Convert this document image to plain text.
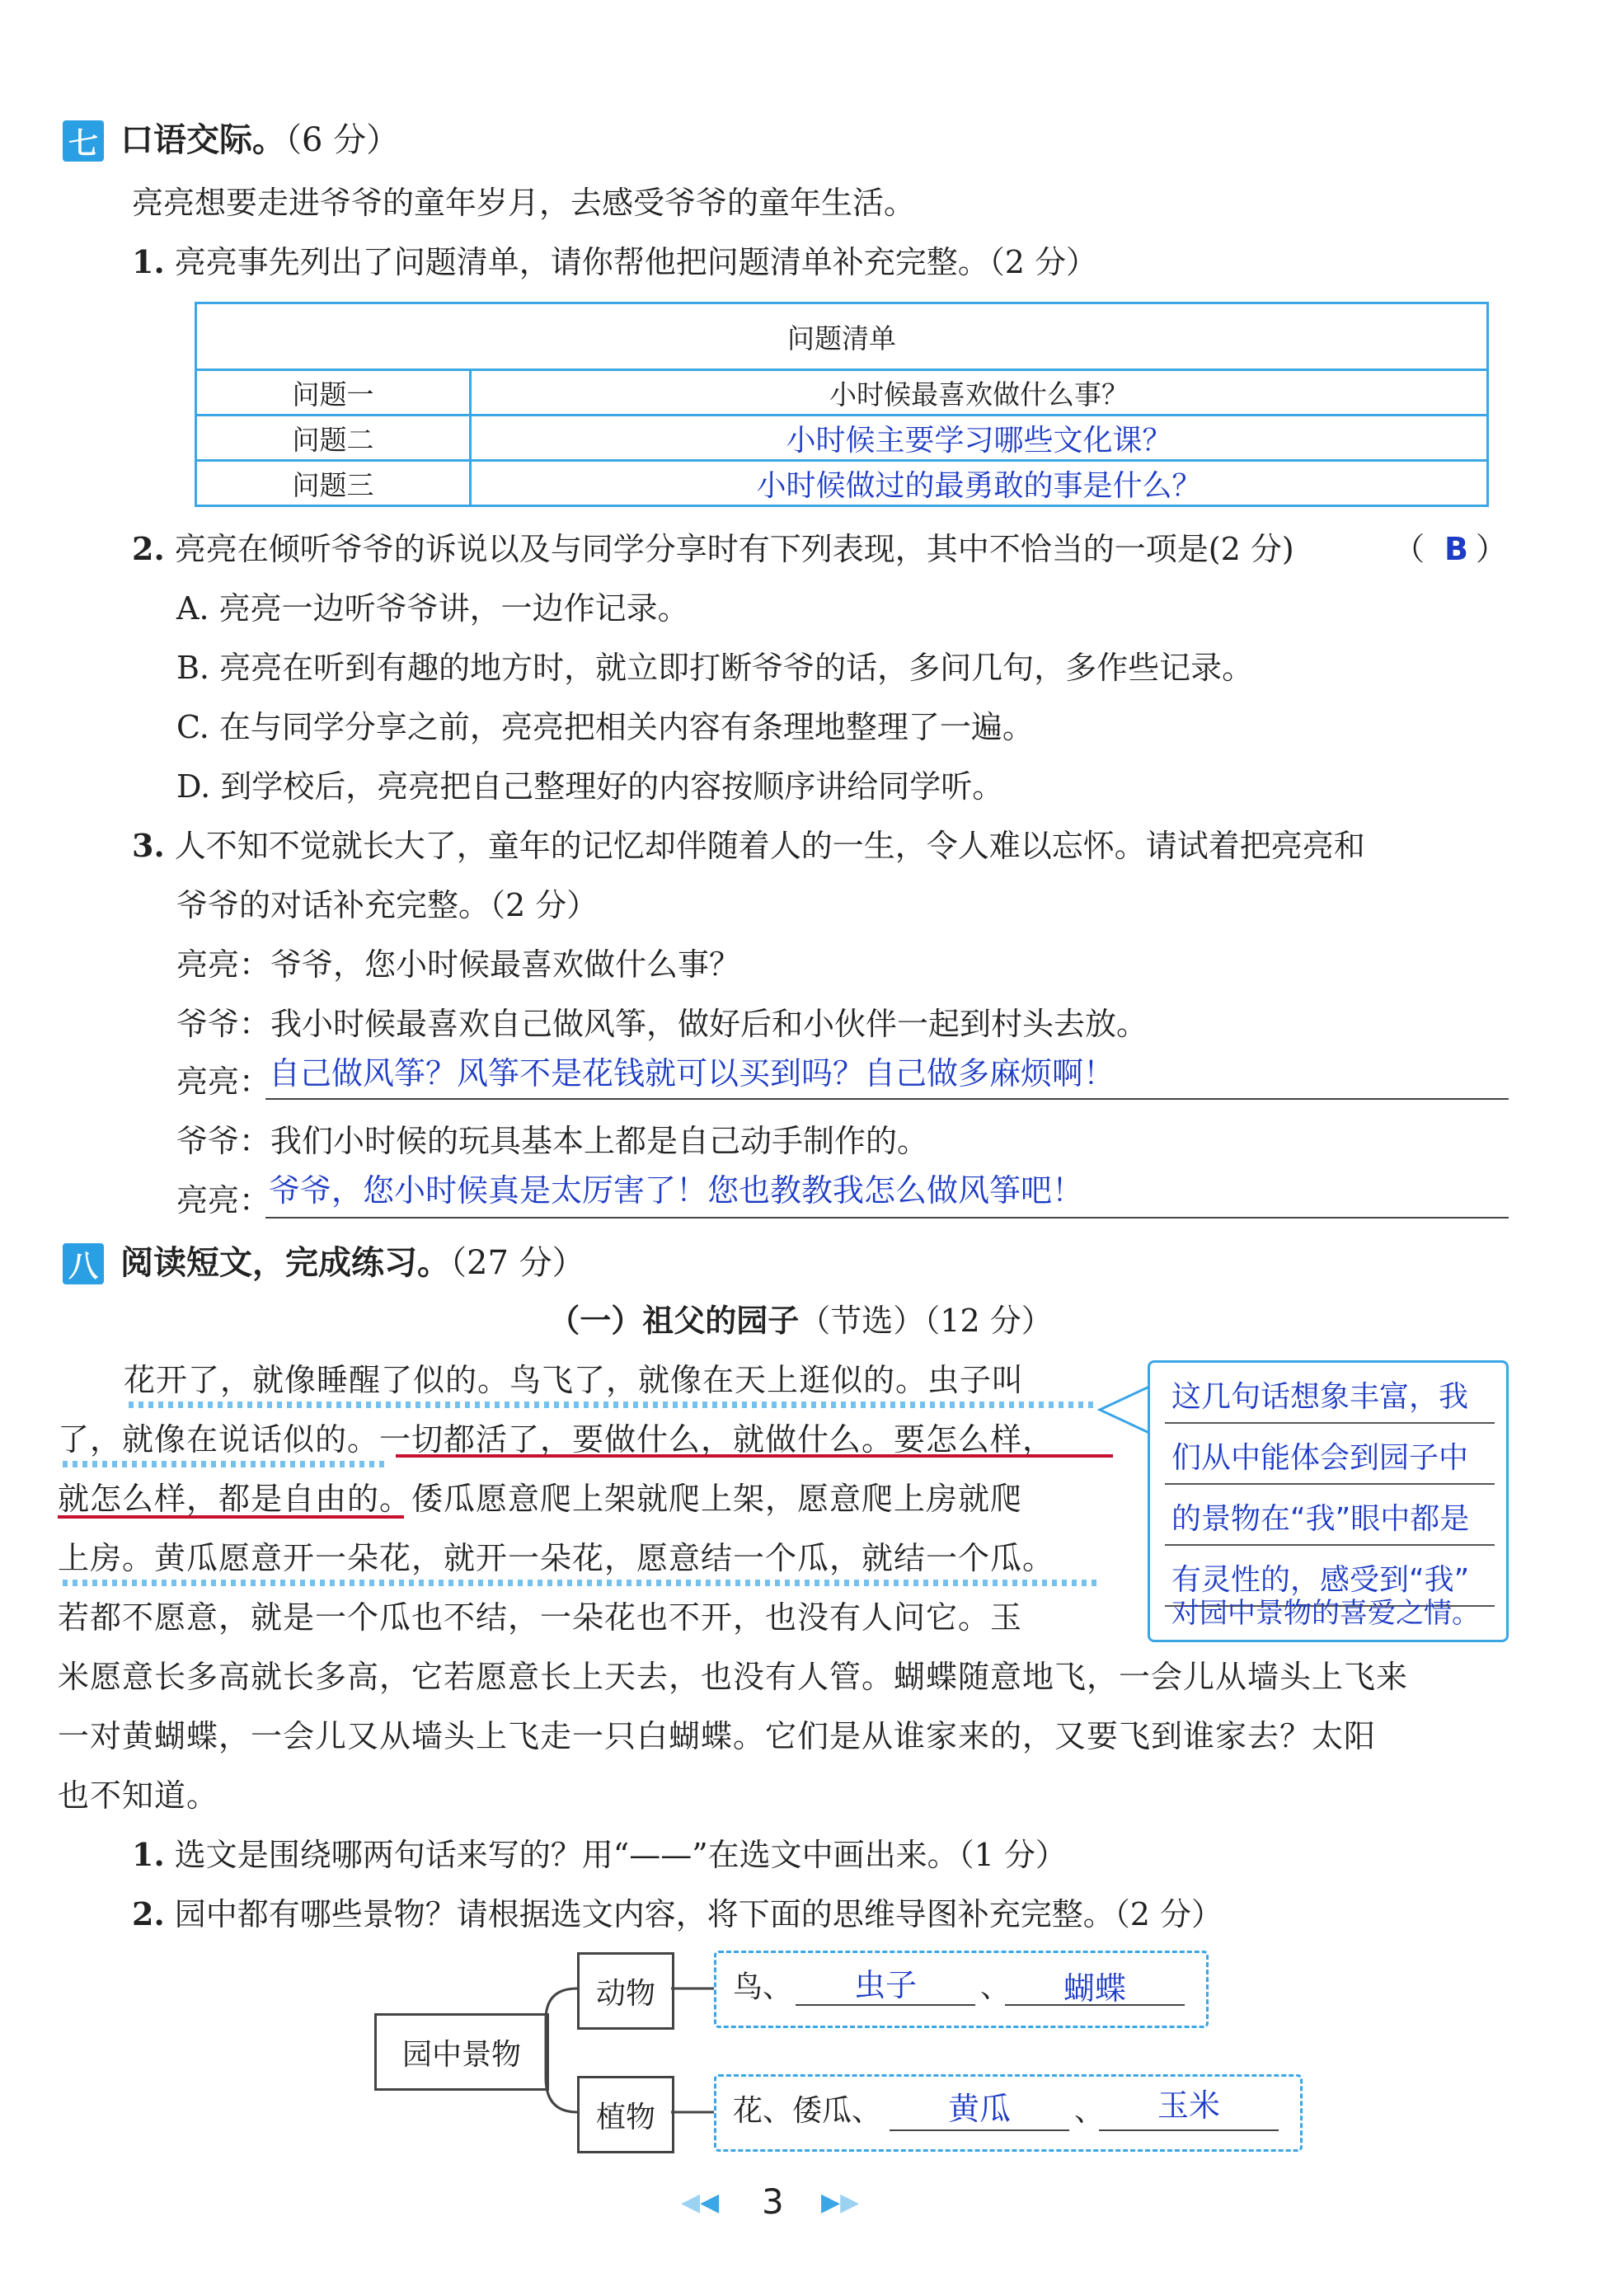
七 口语交际。（6 分）
亮亮想要走进爷爷的童年岁月，去感受爷爷的童年生活。
1. 亮亮事先列出了问题清单，请你帮他把问题清单补充完整。（2 分）
问题清单	
问题一	小时候最喜欢做什么事？
问题二	小时候主要学习哪些文化课？
问题三	小时候做过的最勇敢的事是什么？
2. 亮亮在倾听爷爷的诉说以及与同学分享时有下列表现，其中不恰当的一项是(2 分)	（ B ）
A. 亮亮一边听爷爷讲，一边作记录。
B. 亮亮在听到有趣的地方时，就立即打断爷爷的话，多问几句，多作些记录。
C. 在与同学分享之前，亮亮把相关内容有条理地整理了一遍。
D. 到学校后，亮亮把自己整理好的内容按顺序讲给同学听。
3. 人不知不觉就长大了，童年的记忆却伴随着人的一生，令人难以忘怀。请试着把亮亮和
爷爷的对话补充完整。（2 分）
亮亮：爷爷，您小时候最喜欢做什么事？
爷爷：我小时候最喜欢自己做风筝，做好后和小伙伴一起到村头去放。
亮亮：
自己做风筝？风筝不是花钱就可以买到吗？自己做多麻烦啊！
爷爷：我们小时候的玩具基本上都是自己动手制作的。
亮亮：
爷爷，您小时候真是太厉害了！您也教教我怎么做风筝吧！
八 阅读短文，完成练习。（27 分）
（一）祖父的园子（节选）（12 分）
花开了，就像睡醒了似的。鸟飞了，就像在天上逛似的。虫子叫
了，就像在说话似的。一切都活了，要做什么，就做什么。要怎么样，
就怎么样，都是自由的。倭瓜愿意爬上架就爬上架，愿意爬上房就爬
上房。黄瓜愿意开一朵花，就开一朵花，愿意结一个瓜，就结一个瓜。
若都不愿意，就是一个瓜也不结，一朵花也不开，也没有人问它。玉
米愿意长多高就长多高，它若愿意长上天去，也没有人管。蝴蝶随意地飞，一会儿从墙头上飞来
一对黄蝴蝶，一会儿又从墙头上飞走一只白蝴蝶。它们是从谁家来的，又要飞到谁家去？太阳
也不知道。
这几句话想象丰富，我
们从中能体会到园子中
的景物在“我”眼中都是
有灵性的，感受到“我”
对园中景物的喜爱之情。
1. 选文是围绕哪两句话来写的？用“——”在选文中画出来。（1 分）
2. 园中都有哪些景物？请根据选文内容，将下面的思维导图补充完整。（2 分）
园中景物
动物
植物
鸟、	虫子	、	蝴蝶
花、倭瓜、	黄瓜	、	玉米
◀◀ 3 ▶▶
